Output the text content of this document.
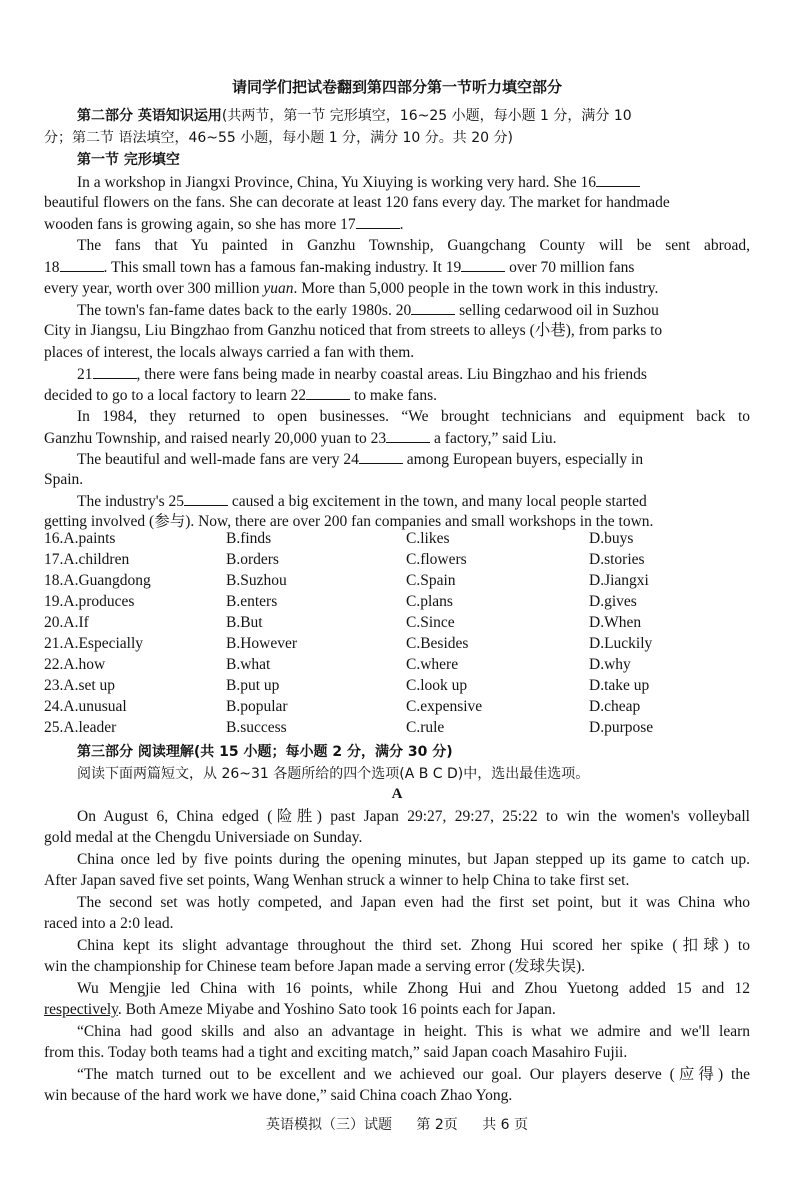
请同学们把试卷翻到第四部分第一节听力填空部分
第二部分 英语知识运用(共两节，第一节 完形填空，16~25 小题，每小题 1 分，满分 10
分；第二节 语法填空，46~55 小题，每小题 1 分，满分 10 分。共 20 分)
第一节 完形填空
In a workshop in Jiangxi Province, China, Yu Xiuying is working very hard. She 16
beautiful flowers on the fans. She can decorate at least 120 fans every day. The market for handmade
wooden fans is growing again, so she has more 17	.
The fans that Yu painted in Ganzhu Township, Guangchang County will be sent abroad,
18	. This small town has a famous fan-making industry. It 19	over 70 million fans
every year, worth over 300 million yuan. More than 5,000 people in the town work in this industry.
The town's fan-fame dates back to the early 1980s. 20	selling cedarwood oil in Suzhou
City in Jiangsu, Liu Bingzhao from Ganzhu noticed that from streets to alleys (小巷), from parks to
places of interest, the locals always carried a fan with them.
21	, there were fans being made in nearby coastal areas. Liu Bingzhao and his friends
decided to go to a local factory to learn 22	to make fans.
In 1984, they returned to open businesses. “We brought technicians and equipment back to
Ganzhu Township, and raised nearly 20,000 yuan to 23	a factory,” said Liu.
The beautiful and well-made fans are very 24	among European buyers, especially in
Spain.
The industry's 25	caused a big excitement in the town, and many local people started
getting involved (参与). Now, there are over 200 fan companies and small workshops in the town.
16.A.paints	B.finds	C.likes	D.buys
17.A.children	B.orders	C.flowers	D.stories
18.A.Guangdong	B.Suzhou	C.Spain	D.Jiangxi
19.A.produces	B.enters	C.plans	D.gives
20.A.If	B.But	C.Since	D.When
21.A.Especially	B.However	C.Besides	D.Luckily
22.A.how	B.what	C.where	D.why
23.A.set up	B.put up	C.look up	D.take up
24.A.unusual	B.popular	C.expensive	D.cheap
25.A.leader	B.success	C.rule	D.purpose
第三部分 阅读理解(共 15 小题；每小题 2 分，满分 30 分)
阅读下面两篇短文，从 26~31 各题所给的四个选项(A B C D)中，选出最佳选项。
A
On August 6, China edged (险胜) past Japan 29:27, 29:27, 25:22 to win the women's volleyball
gold medal at the Chengdu Universiade on Sunday.
China once led by five points during the opening minutes, but Japan stepped up its game to catch up.
After Japan saved five set points, Wang Wenhan struck a winner to help China to take first set.
The second set was hotly competed, and Japan even had the first set point, but it was China who
raced into a 2:0 lead.
China kept its slight advantage throughout the third set. Zhong Hui scored her spike (扣球) to
win the championship for Chinese team before Japan made a serving error (发球失误).
Wu Mengjie led China with 16 points, while Zhong Hui and Zhou Yuetong added 15 and 12
respectively. Both Ameze Miyabe and Yoshino Sato took 16 points each for Japan.
“China had good skills and also an advantage in height. This is what we admire and we'll learn
from this. Today both teams had a tight and exciting match,” said Japan coach Masahiro Fujii.
“The match turned out to be excellent and we achieved our goal. Our players deserve (应得) the
win because of the hard work we have done,” said China coach Zhao Yong.
英语模拟（三）试题 第 2页 共 6 页
